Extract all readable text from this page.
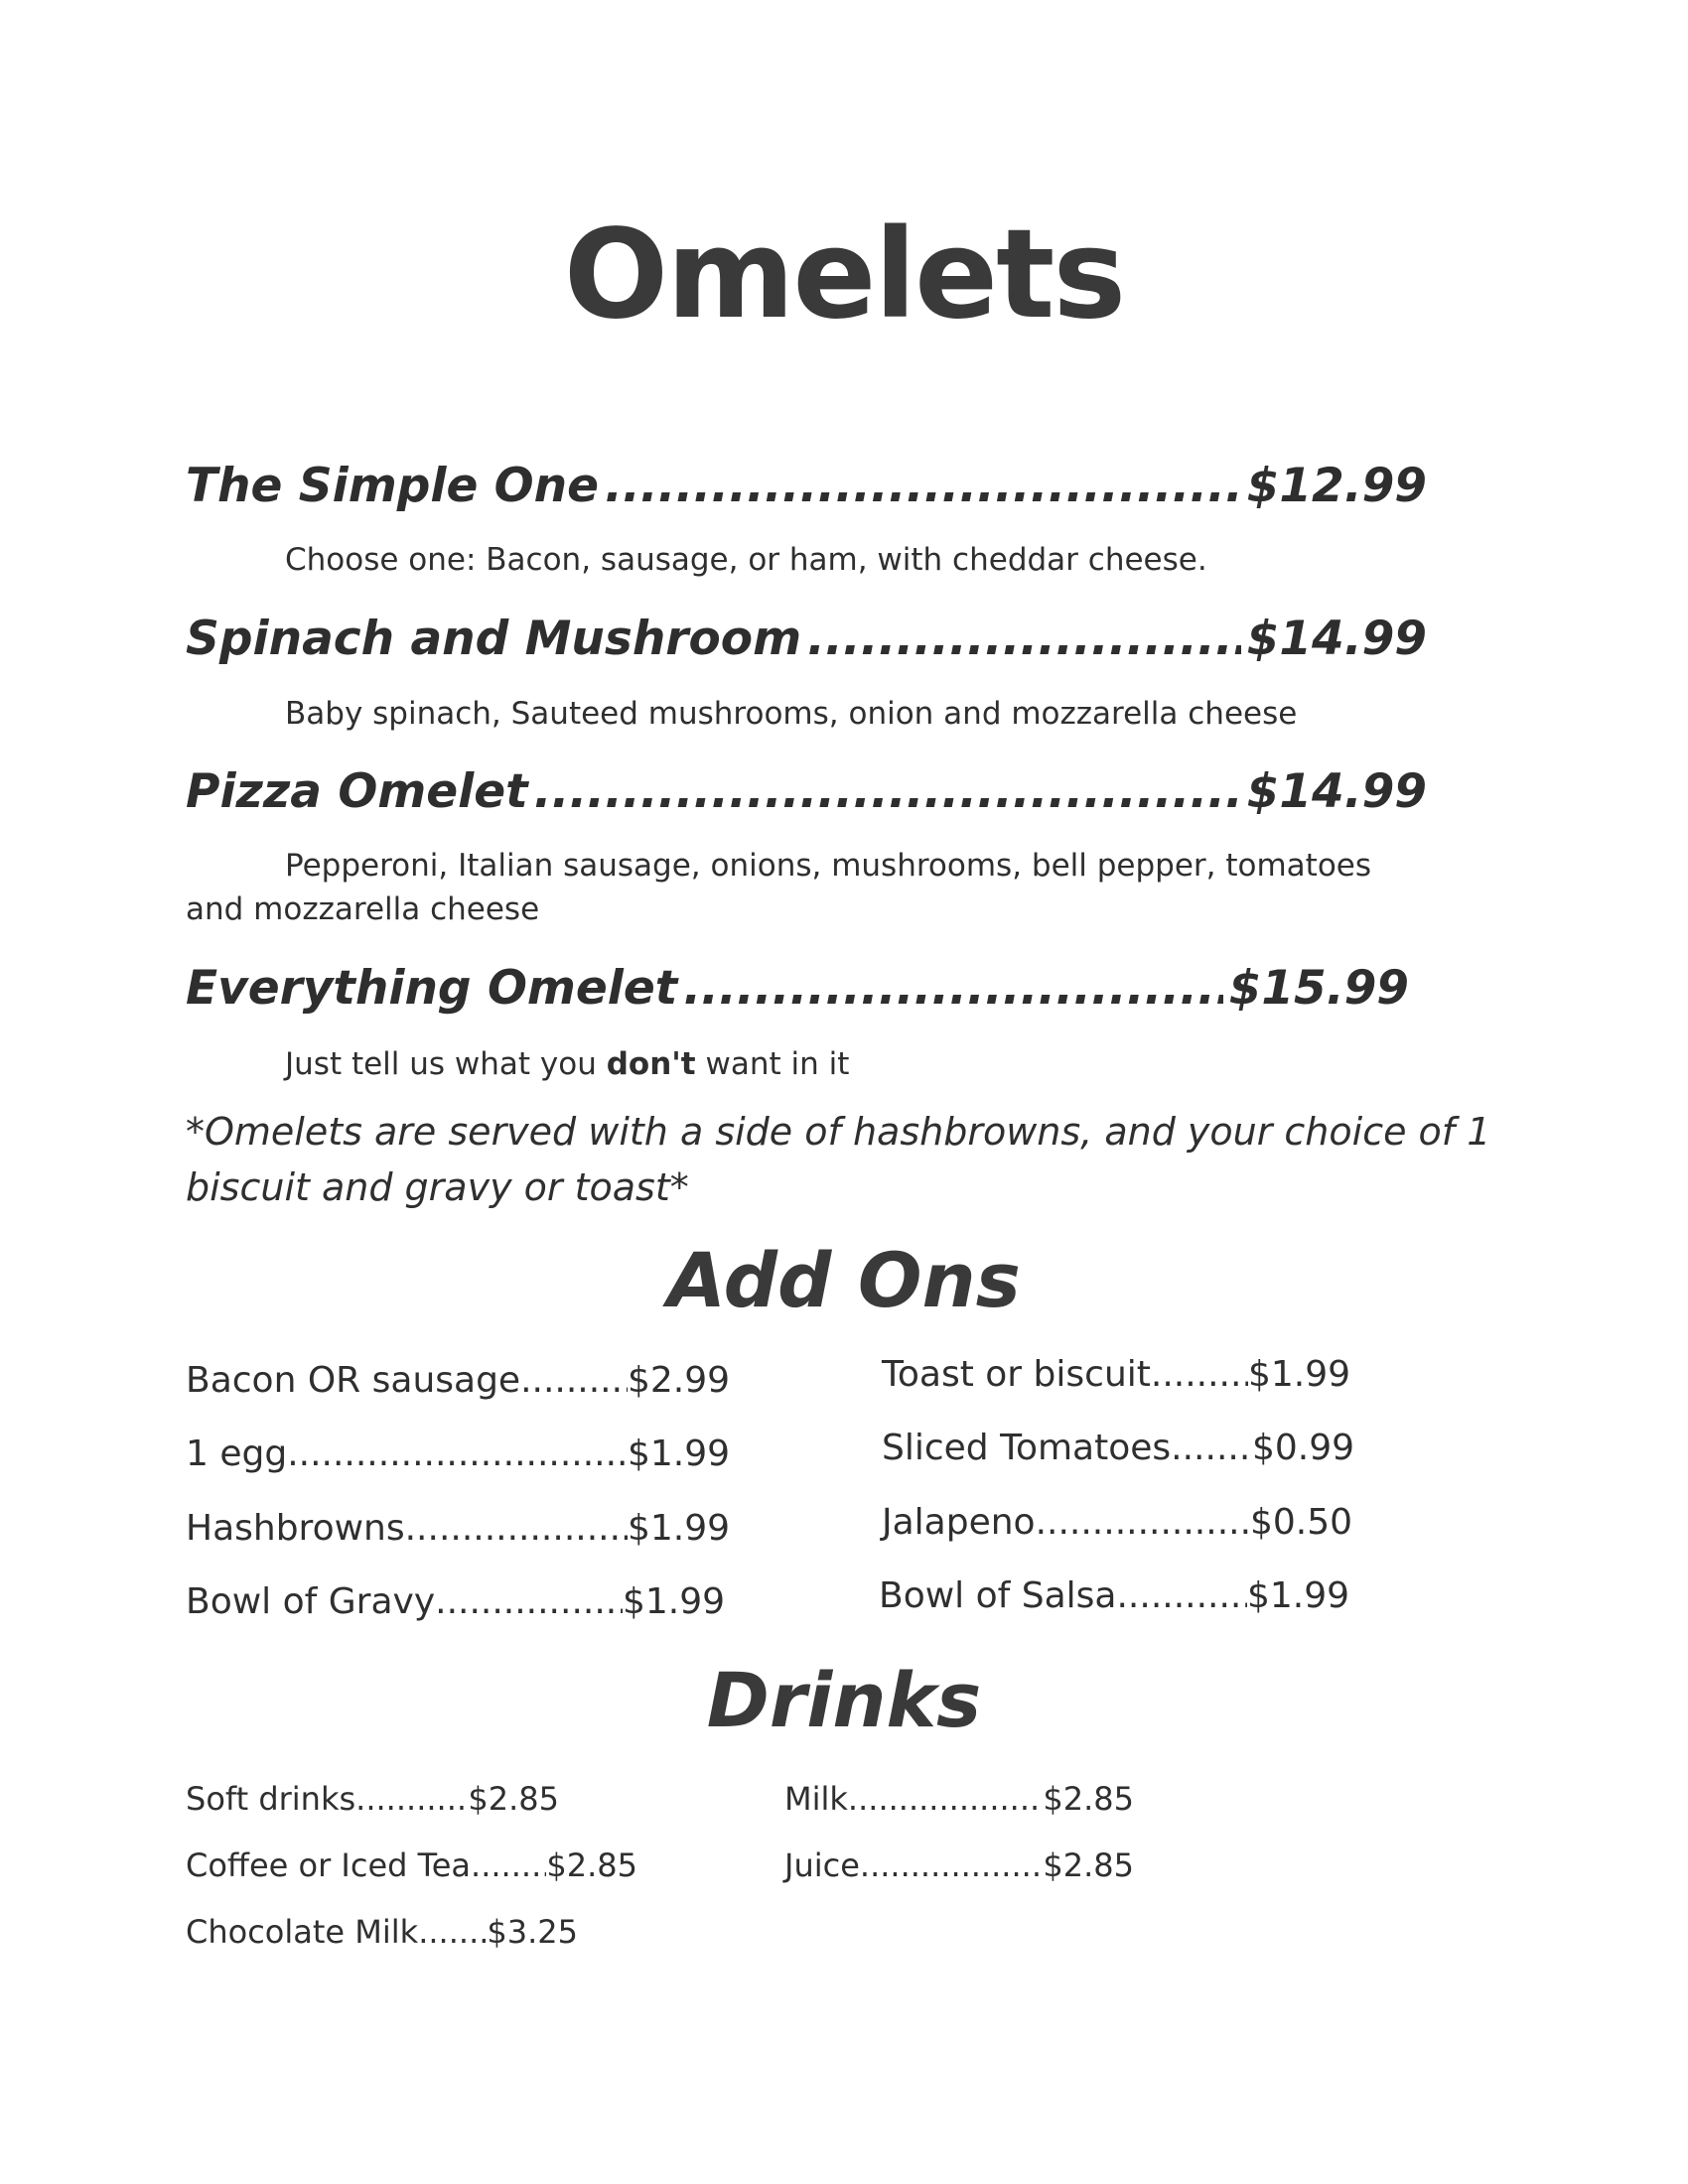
Omelets
The Simple One .....	$12.99
Choose one: Bacon, sausage, or ham, with cheddar cheese.
Spinach and Mushroom .....	$14.99
Baby spinach, Sauteed mushrooms, onion and mozzarella cheese
Pizza Omelet .....	$14.99
Pepperoni, Italian sausage, onions, mushrooms, bell pepper, tomatoes and mozzarella cheese
Everything Omelet .....	$15.99
Just tell us what you don't want in it
*Omelets are served with a side of hashbrowns, and your choice of 1 biscuit and gravy or toast*
Add Ons
Bacon OR sausage .....	$2.99
1 egg .....	$1.99
Hashbrowns .....	$1.99
Bowl of Gravy .....	$1.99
Toast or biscuit .....	$1.99
Sliced Tomatoes ..... $0.99
Jalapeno .....	$0.50
Bowl of Salsa .....	$1.99
Drinks
Soft drinks .....	$2.85
Coffee or Iced Tea ..... $2.85
Chocolate Milk ..... $3.25
Milk .....	$2.85
Juice .....	$2.85
